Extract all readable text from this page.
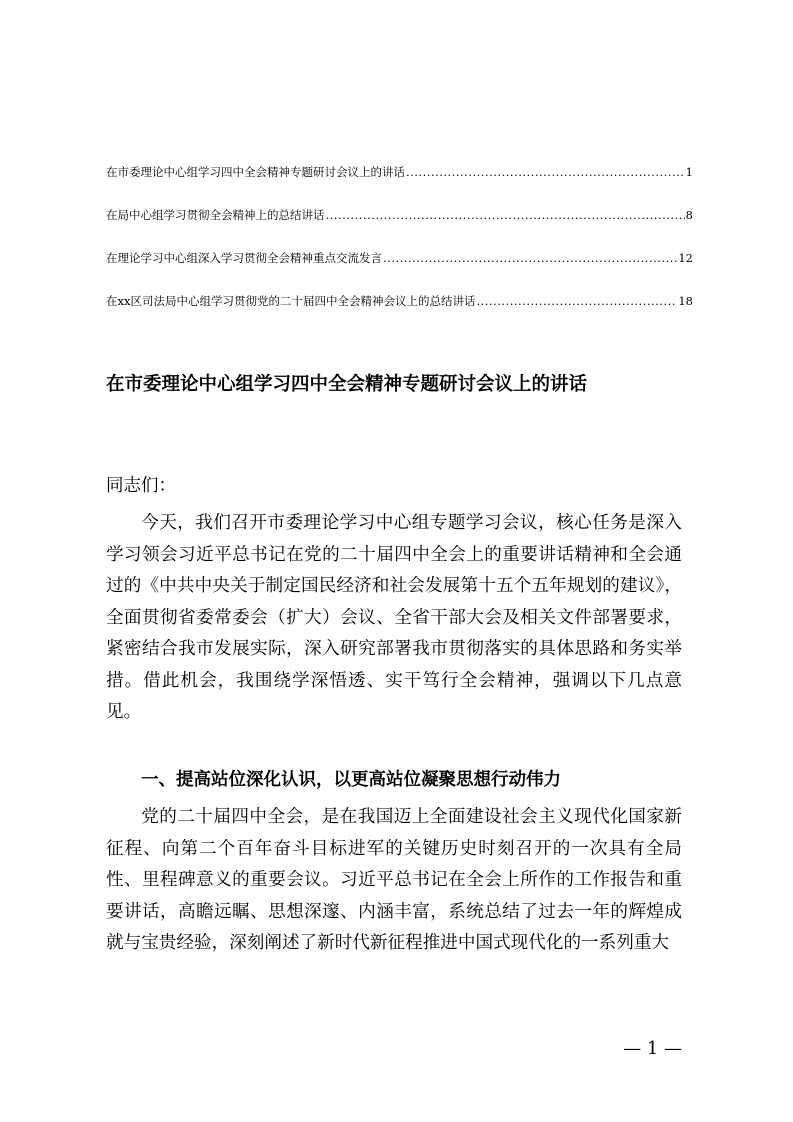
在市委理论中心组学习四中全会精神专题研讨会议上的讲话 .....	1
在局中心组学习贯彻全会精神上的总结讲话 .....	8
在理论学习中心组深入学习贯彻全会精神重点交流发言 .....	12
在xx区司法局中心组学习贯彻党的二十届四中全会精神会议上的总结讲话 .....	18
在市委理论中心组学习四中全会精神专题研讨会议上的讲话
同志们：

今天，我们召开市委理论学习中心组专题学习会议，核心任务是深入学习领会习近平总书记在党的二十届四中全会上的重要讲话精神和全会通过的《中共中央关于制定国民经济和社会发展第十五个五年规划的建议》，全面贯彻省委常委会（扩大）会议、全省干部大会及相关文件部署要求，紧密结合我市发展实际，深入研究部署我市贯彻落实的具体思路和务实举措。借此机会，我围绕学深悟透、实干笃行全会精神，强调以下几点意见。

一、提高站位深化认识，以更高站位凝聚思想行动伟力

党的二十届四中全会，是在我国迈上全面建设社会主义现代化国家新征程、向第二个百年奋斗目标进军的关键历史时刻召开的一次具有全局性、里程碑意义的重要会议。习近平总书记在全会上所作的工作报告和重要讲话，高瞻远瞩、思想深邃、内涵丰富，系统总结了过去一年的辉煌成就与宝贵经验，深刻阐述了新时代新征程推进中国式现代化的一系列重大

— 1 —
